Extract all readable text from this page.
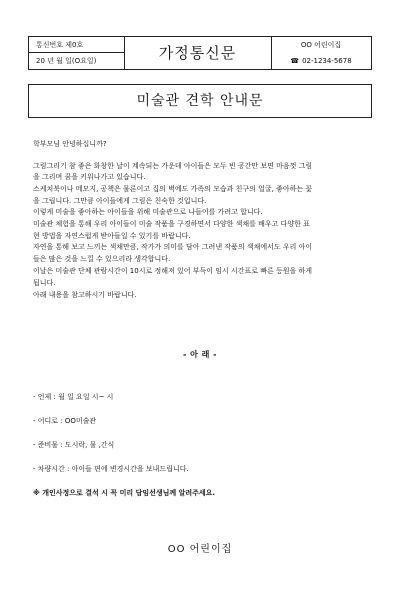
통신번호 제0호
20 년 월 일(O요일)	가정통신문	OO 어린이집
☎ 02-1234-5678
미술관 견학 안내문
학부모님 안녕하십니까?
그림그리기 참 좋은 화창한 날이 계속되는 가운데 아이들은 모두 빈 공간만 보면 마음껏 그림
을 그리며 꿈을 키워나가고 있습니다.
스케치북이나 메모지, 공책은 물론이고 집의 벽에도 가족의 모습과 친구의 얼굴, 좋아하는 꽃
을 그립니다. 그만큼 아이들에게 그림은 친숙한 것입니다.
이렇게 미술을 좋아하는 아이들을 위해 미술관으로 나들이를 가려고 합니다.
미술관 체험을 통해 우리 아이들이 미술 작품을 구경하면서 다양한 색채를 배우고 다양한 표
현 방법을 자연스럽게 받아들일 수 있기를 바랍니다.
자연을 통해 보고 느끼는 색채만큼, 작가가 의미를 담아 그려낸 작품의 색채에서도 우리 아이
들은 많은 것을 느낄 수 있으리라 생각합니다.
이날은 미술관 단체 관람시간이 10시로 정해져 있어 부득이 임시 시간표로 빠른 등원을 하게
됩니다.
아래 내용을 참고하시기 바랍니다.
- 아 래 -
- 언제 : 월 일 요일 시~ 시
- 어디로 : OO미술관
- 준비물 : 도시락, 물 ,간식
- 차량시간 : 아이들 편에 변경시간을 보내드립니다.
※ 개인사정으로 결석 시 꼭 미리 담임선생님께 알려주세요.
OO 어린이집
